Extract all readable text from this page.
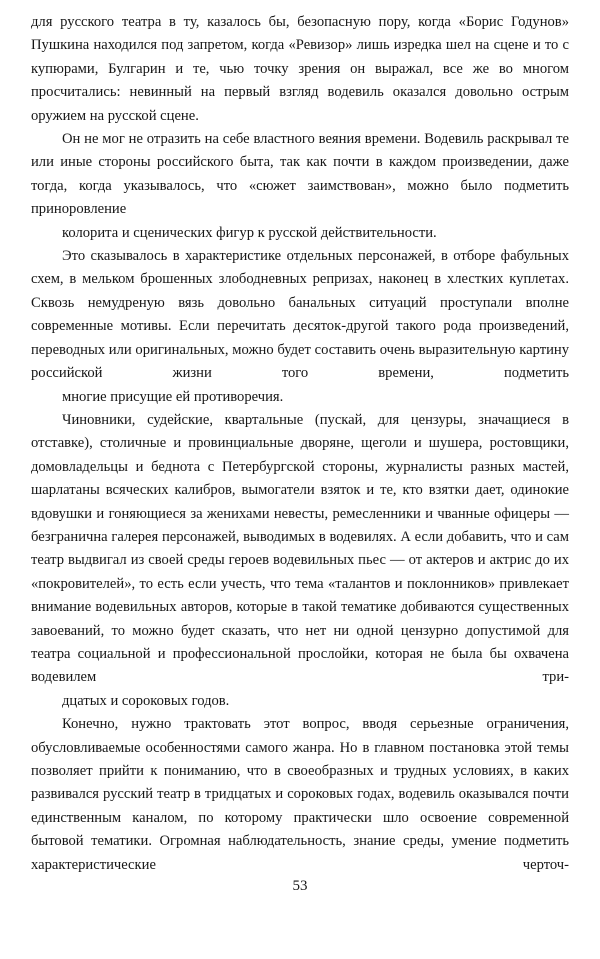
для русского театра в ту, казалось бы, безопасную пору, когда «Борис Годунов» Пушкина находился под запретом, когда «Ревизор» лишь изредка шел на сцене и то с купюрами, Булгарин и те, чью точку зрения он выражал, все же во многом просчитались: невинный на первый взгляд водевиль оказался довольно острым
оружием на русской сцене.

Он не мог не отразить на себе властного веяния времени. Водевиль раскрывал те или иные стороны российского быта, так как почти в каждом произведении, даже тогда, когда указывалось, что «сюжет заимствован», можно было подметить приноровление
колорита и сценических фигур к русской действительности.

Это сказывалось в характеристике отдельных персонажей, в отборе фабульных схем, в мельком брошенных злободневных репризах, наконец в хлестких куплетах. Сквозь немудреную вязь довольно банальных ситуаций проступали вполне современные мотивы. Если перечитать десяток-другой такого рода произведений, переводных или оригинальных, можно будет составить очень выразительную картину российской жизни того времени, подметить
многие присущие ей противоречия.

Чиновники, судейские, квартальные (пускай, для цензуры, значащиеся в отставке), столичные и провинциальные дворяне, щеголи и шушера, ростовщики, домовладельцы и беднота с Петербургской стороны, журналисты разных мастей, шарлатаны всяческих калибров, вымогатели взяток и те, кто взятки дает, одинокие вдовушки и гоняющиеся за женихами невесты, ремесленники и чванные офицеры — безгранична галерея персонажей, выводимых в водевилях. А если добавить, что и сам театр выдвигал из своей среды героев водевильных пьес — от актеров и актрис до их «покровителей», то есть если учесть, что тема «талантов и поклонников» привлекает внимание водевильных авторов, которые в такой тематике добиваются существенных завоеваний, то можно будет сказать, что нет ни одной цензурно допустимой для театра социальной и профессиональной прослойки, которая не была бы охвачена водевилем три-
дцатых и сороковых годов.

Конечно, нужно трактовать этот вопрос, вводя серьезные ограничения, обусловливаемые особенностями самого жанра. Но в главном постановка этой темы позволяет прийти к пониманию, что в своеобразных и трудных условиях, в каких развивался русский театр в тридцатых и сороковых годах, водевиль оказывался почти единственным каналом, по которому практически шло освоение современной бытовой тематики. Огромная наблюдательность, знание среды, умение подметить характеристические черточ-

53
